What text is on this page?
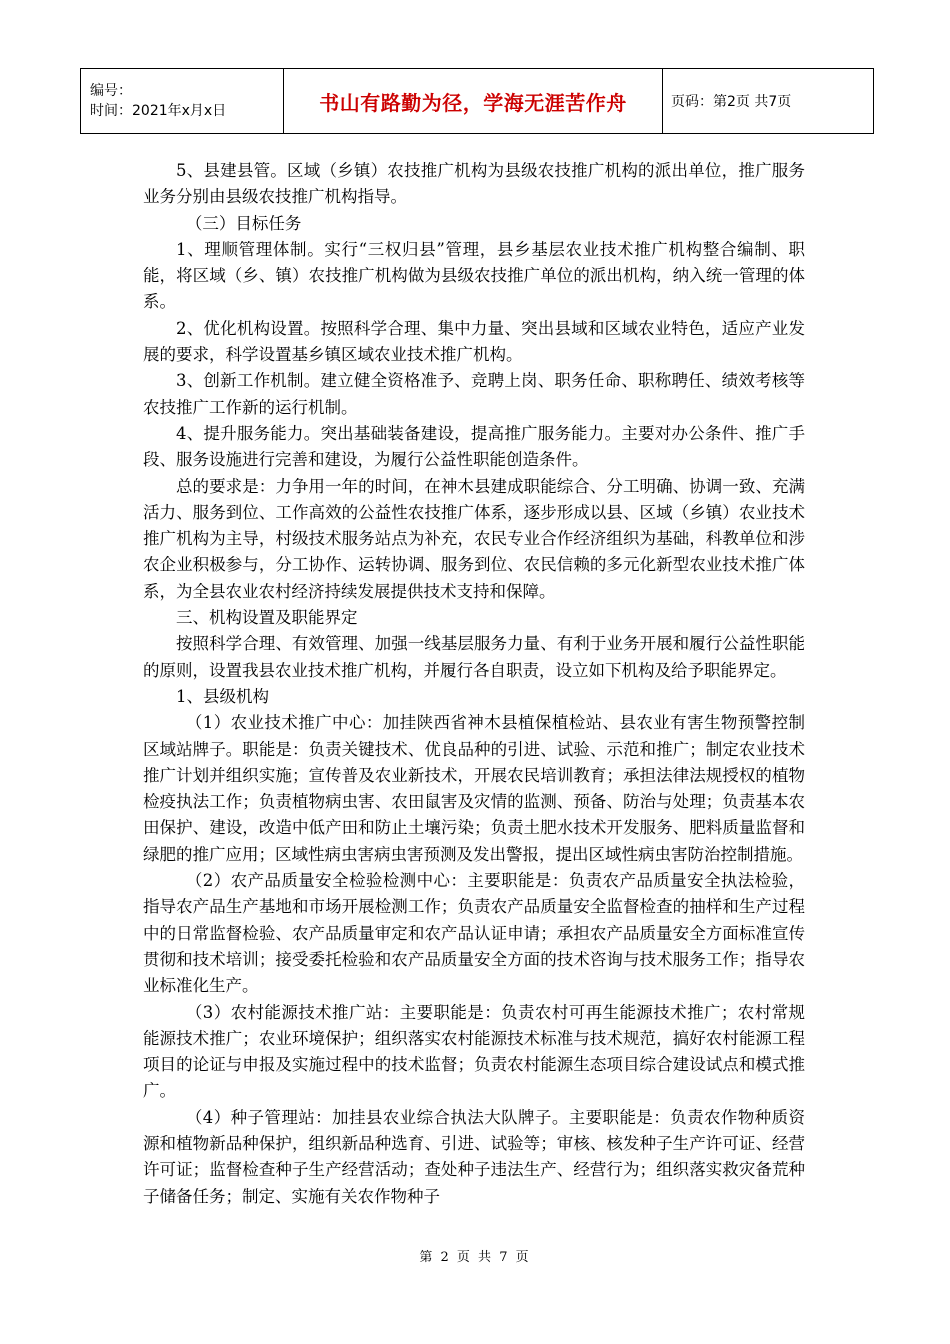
编号：
时间：2021年x月x日	书山有路勤为径，学海无涯苦作舟	页码：第2页 共7页

5、县建县管。区域（乡镇）农技推广机构为县级农技推广机构的派出单位，推广服务业务分别由县级农技推广机构指导。

（三）目标任务

1、理顺管理体制。实行“三权归县”管理，县乡基层农业技术推广机构整合编制、职能，将区域（乡、镇）农技推广机构做为县级农技推广单位的派出机构，纳入统一管理的体系。

2、优化机构设置。按照科学合理、集中力量、突出县域和区域农业特色，适应产业发展的要求，科学设置基乡镇区域农业技术推广机构。

3、创新工作机制。建立健全资格准予、竞聘上岗、职务任命、职称聘任、绩效考核等农技推广工作新的运行机制。

4、提升服务能力。突出基础装备建设，提高推广服务能力。主要对办公条件、推广手段、服务设施进行完善和建设，为履行公益性职能创造条件。

总的要求是：力争用一年的时间，在神木县建成职能综合、分工明确、协调一致、充满活力、服务到位、工作高效的公益性农技推广体系，逐步形成以县、区域（乡镇）农业技术推广机构为主导，村级技术服务站点为补充，农民专业合作经济组织为基础，科教单位和涉农企业积极参与，分工协作、运转协调、服务到位、农民信赖的多元化新型农业技术推广体系，为全县农业农村经济持续发展提供技术支持和保障。

三、机构设置及职能界定

按照科学合理、有效管理、加强一线基层服务力量、有利于业务开展和履行公益性职能的原则，设置我县农业技术推广机构，并履行各自职责，设立如下机构及给予职能界定。

1、县级机构

（1）农业技术推广中心：加挂陕西省神木县植保植检站、县农业有害生物预警控制区域站牌子。职能是：负责关键技术、优良品种的引进、试验、示范和推广；制定农业技术推广计划并组织实施；宣传普及农业新技术，开展农民培训教育；承担法律法规授权的植物检疫执法工作；负责植物病虫害、农田鼠害及灾情的监测、预备、防治与处理；负责基本农田保护、建设，改造中低产田和防止土壤污染；负责土肥水技术开发服务、肥料质量监督和绿肥的推广应用；区域性病虫害病虫害预测及发出警报，提出区域性病虫害防治控制措施。

（2）农产品质量安全检验检测中心：主要职能是：负责农产品质量安全执法检验，指导农产品生产基地和市场开展检测工作；负责农产品质量安全监督检查的抽样和生产过程中的日常监督检验、农产品质量审定和农产品认证申请；承担农产品质量安全方面标准宣传贯彻和技术培训；接受委托检验和农产品质量安全方面的技术咨询与技术服务工作；指导农业标准化生产。

（3）农村能源技术推广站：主要职能是：负责农村可再生能源技术推广；农村常规能源技术推广；农业环境保护；组织落实农村能源技术标准与技术规范，搞好农村能源工程项目的论证与申报及实施过程中的技术监督；负责农村能源生态项目综合建设试点和模式推广。

（4）种子管理站：加挂县农业综合执法大队牌子。主要职能是：负责农作物种质资源和植物新品种保护，组织新品种选育、引进、试验等；审核、核发种子生产许可证、经营许可证；监督检查种子生产经营活动；查处种子违法生产、经营行为；组织落实救灾备荒种子储备任务；制定、实施有关农作物种子

第 2 页 共 7 页
